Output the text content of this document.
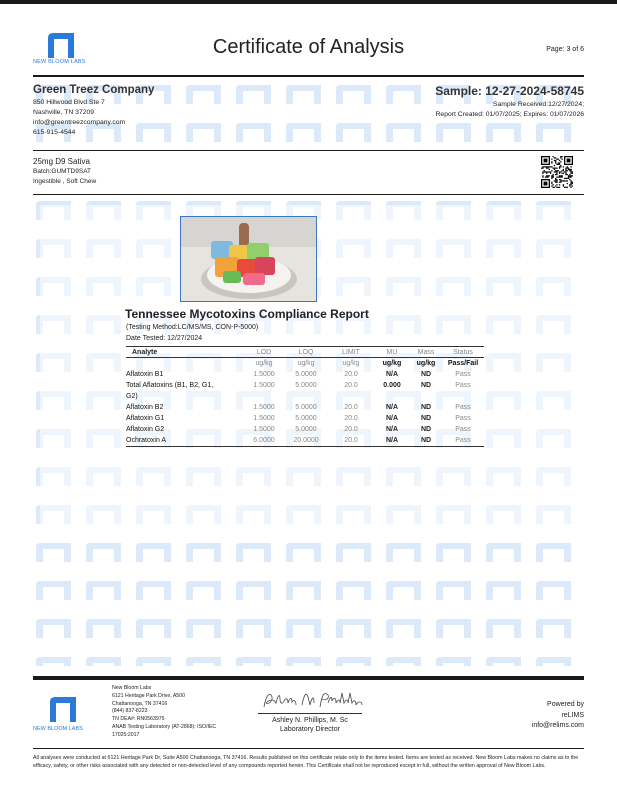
NEW BLOOM LABS
Certificate of Analysis	Page: 3 of 6
Green Treez Company
850 Hillwood Blvd Ste 7
Nashville, TN 37209
info@greentreezcompany.com
615-915-4544
Sample: 12-27-2024-58745
Sample Received:12/27/2024;
Report Created: 01/07/2025; Expires: 01/07/2026
25mg D9 Sativa
Batch:GUMTD9SAT
Ingestible , Soft Chew
Tennessee Mycotoxins Compliance Report
(Testing Method:LC/MS/MS, CON-P-5000)
Date Tested: 12/27/2024
Analyte	LOD	LOQ	LIMIT	MU	Mass	Status
	ug/kg	ug/kg	ug/kg	ug/kg	ug/kg	Pass/Fail
Aflatoxin B1	1.5000	5.0000	20.0	N/A	ND	Pass
Total Aflatoxins (B1, B2, G1,	1.5000	5.0000	20.0	0.000	ND	Pass
G2)						
Aflatoxin B2	1.5000	5.0000	20.0	N/A	ND	Pass
Aflatoxin G1	1.5000	5.0000	20.0	N/A	ND	Pass
Aflatoxin G2	1.5000	5.0000	20.0	N/A	ND	Pass
Ochratoxin A	6.0000	20.0000	20.0	N/A	ND	Pass
NEW BLOOM LABS
New Bloom Labs
6121 Heritage Park Drive, A500
Chattanooga, TN 37416
(844) 837-8223
TN DEA#: RN0563975
ANAB Testing Laboratory (AT-2868): ISO/IEC
17025:2017
Ashley N. Phillips, M. Sc
Laboratory Director
Powered by
reLIMS
info@relims.com
All analyses were conducted at 6121 Heritage Park Dr, Suite A500 Chattanooga, TN 37416. Results published on this certificate relate only to the items tested. Items are tested as received. New Bloom Labs makes no claims as to the efficacy, safety, or other risks associated with any detected or non-detected level of any compounds reported herein. This Certificate shall not be reproduced except in full, without the written approval of New Bloom Labs.
